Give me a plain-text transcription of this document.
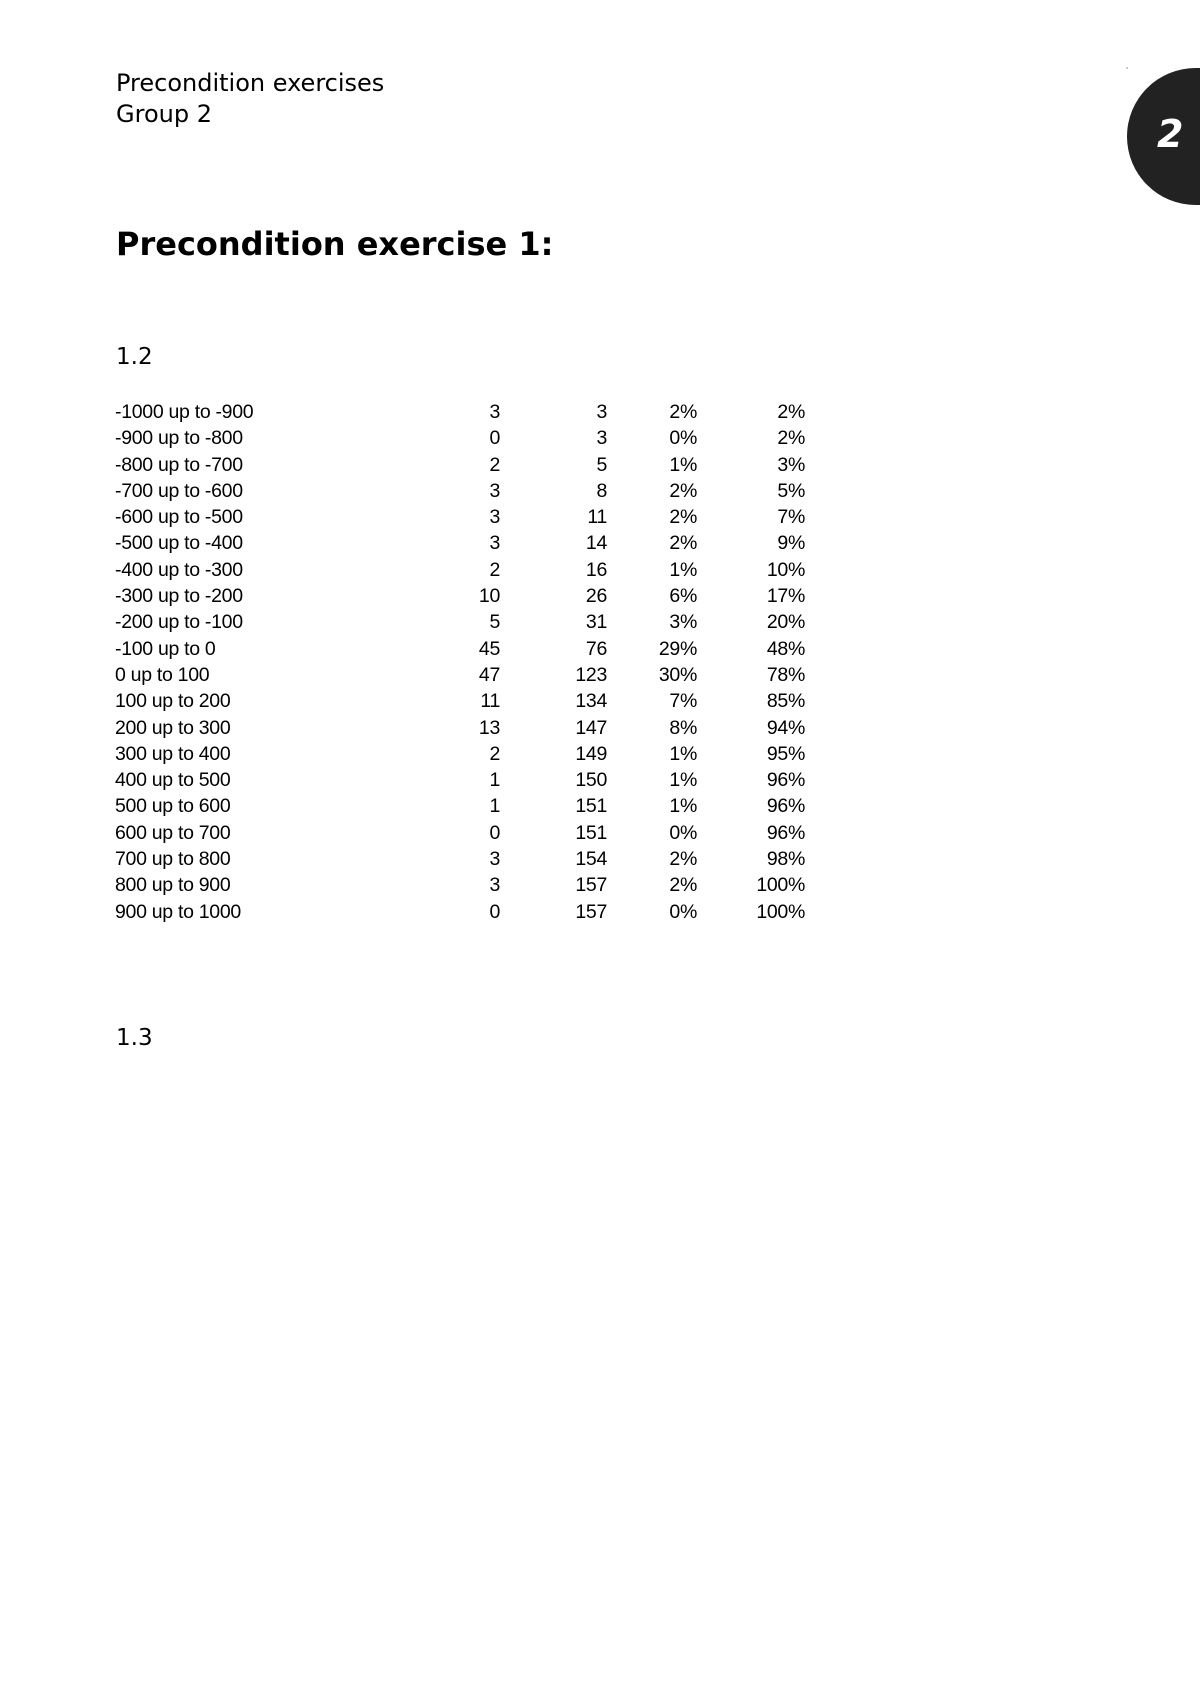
Precondition exercises
Group 2	2
Precondition exercise 1:
1.2
-1000 up to -900	3	3	2%	2%
-900 up to -800	0	3	0%	2%
-800 up to -700	2	5	1%	3%
-700 up to -600	3	8	2%	5%
-600 up to -500	3	11	2%	7%
-500 up to -400	3	14	2%	9%
-400 up to -300	2	16	1%	10%
-300 up to -200	10	26	6%	17%
-200 up to -100	5	31	3%	20%
-100 up to 0	45	76	29%	48%
0 up to 100	47	123	30%	78%
100 up to 200	11	134	7%	85%
200 up to 300	13	147	8%	94%
300 up to 400	2	149	1%	95%
400 up to 500	1	150	1%	96%
500 up to 600	1	151	1%	96%
600 up to 700	0	151	0%	96%
700 up to 800	3	154	2%	98%
800 up to 900	3	157	2%	100%
900 up to 1000	0	157	0%	100%
1.3
